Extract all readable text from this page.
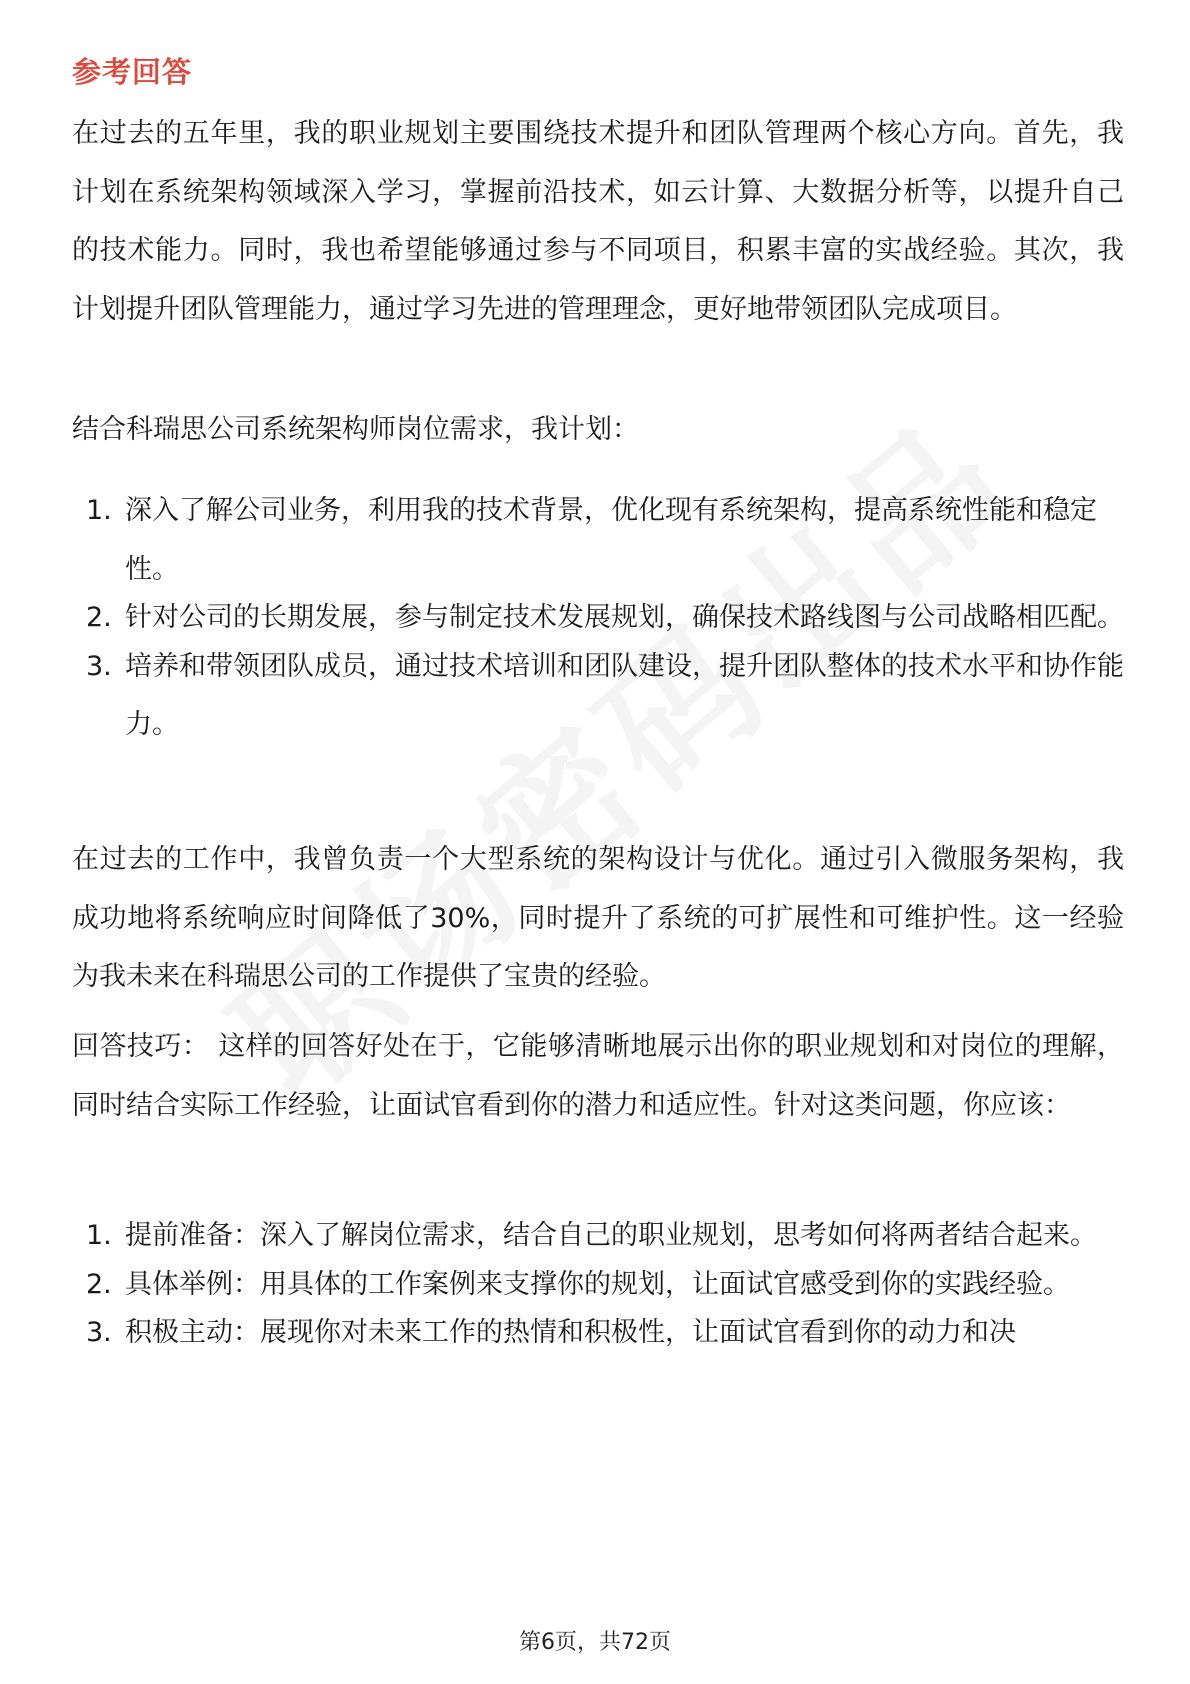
参考回答

在过去的五年里，我的职业规划主要围绕技术提升和团队管理两个核心方向。首先，我计划在系统架构领域深入学习，掌握前沿技术，如云计算、大数据分析等，以提升自己的技术能力。同时，我也希望能够通过参与不同项目，积累丰富的实战经验。其次，我计划提升团队管理能力，通过学习先进的管理理念，更好地带领团队完成项目。

结合科瑞思公司系统架构师岗位需求，我计划：

1. 深入了解公司业务，利用我的技术背景，优化现有系统架构，提高系统性能和稳定性。
2. 针对公司的长期发展，参与制定技术发展规划，确保技术路线图与公司战略相匹配。
3. 培养和带领团队成员，通过技术培训和团队建设，提升团队整体的技术水平和协作能力。

在过去的工作中，我曾负责一个大型系统的架构设计与优化。通过引入微服务架构，我成功地将系统响应时间降低了30%，同时提升了系统的可扩展性和可维护性。这一经验为我未来在科瑞思公司的工作提供了宝贵的经验。

回答技巧： 这样的回答好处在于，它能够清晰地展示出你的职业规划和对岗位的理解，同时结合实际工作经验，让面试官看到你的潜力和适应性。针对这类问题，你应该：

1. 提前准备：深入了解岗位需求，结合自己的职业规划，思考如何将两者结合起来。
2. 具体举例：用具体的工作案例来支撑你的规划，让面试官感受到你的实践经验。
3. 积极主动：展现你对未来工作的热情和积极性，让面试官看到你的动力和决
第6页，共72页
